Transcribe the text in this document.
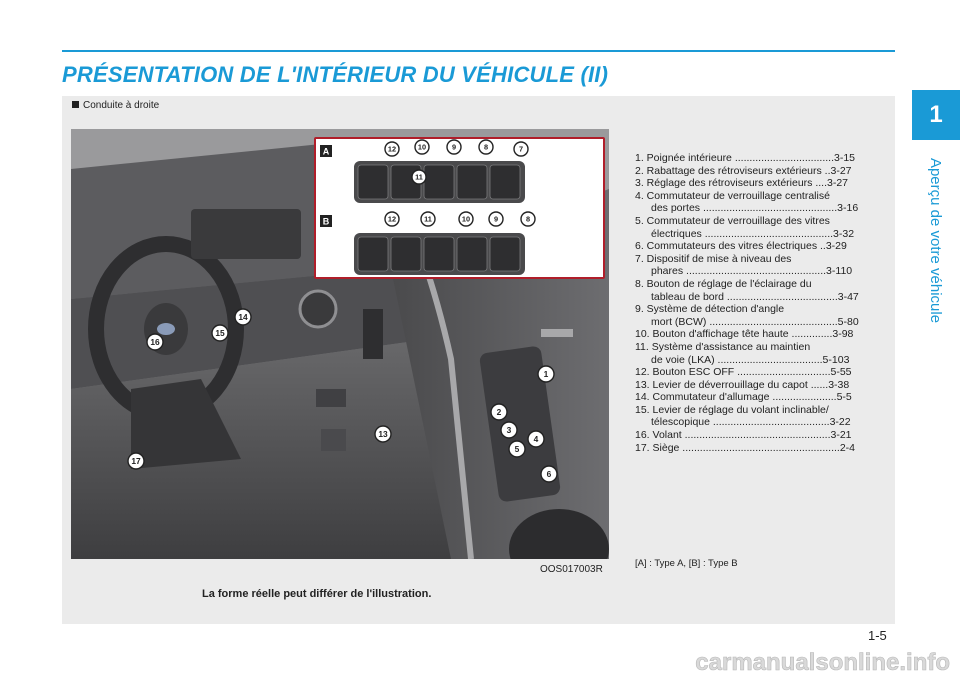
PRÉSENTATION DE L'INTÉRIEUR DU VÉHICULE (II)
1
Aperçu de votre véhicule
Conduite à droite
1
2
3
4
5
6
13
14
15
16
17
A
B
12	10	9	8	7
11
12	11	10	9	8
OOS017003R
La forme réelle peut différer de l'illustration.
1. Poignée intérieure ..................................3-15
2. Rabattage des rétroviseurs extérieurs ..3-27
3. Réglage des rétroviseurs extérieurs ....3-27
4. Commutateur de verrouillage centralisé
des portes ..............................................3-16
5. Commutateur de verrouillage des vitres
électriques ............................................3-32
6. Commutateurs des vitres électriques ..3-29
7. Dispositif de mise à niveau des
phares ................................................3-110
8. Bouton de réglage de l'éclairage du
tableau de bord ......................................3-47
9. Système de détection d'angle
mort (BCW) ............................................5-80
10. Bouton d'affichage tête haute ..............3-98
11. Système d'assistance au maintien
de voie (LKA) ....................................5-103
12. Bouton ESC OFF ................................5-55
13. Levier de déverrouillage du capot ......3-38
14. Commutateur d'allumage ......................5-5
15. Levier de réglage du volant inclinable/
télescopique ........................................3-22
16. Volant ..................................................3-21
17. Siège ......................................................2-4
[A] : Type A, [B] : Type B
1-5
carmanualsonline.info
